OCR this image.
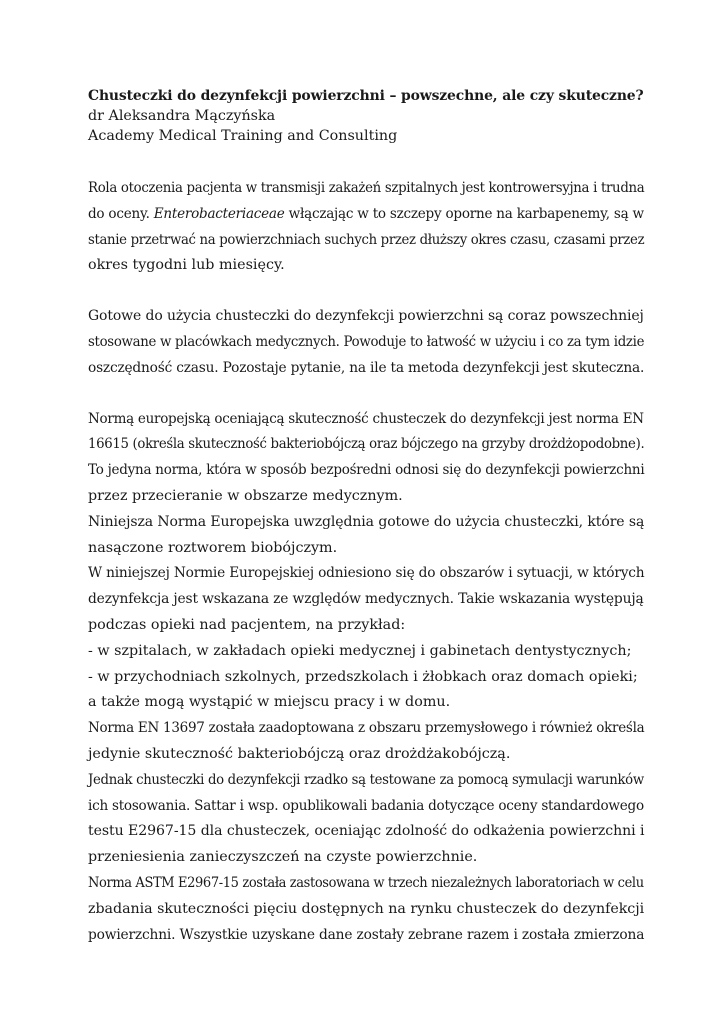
Chusteczki do dezynfekcji powierzchni – powszechne, ale czy skuteczne?

dr Aleksandra Mączyńska

Academy Medical Training and Consulting

Rola otoczenia pacjenta w transmisji zakażeń szpitalnych jest kontrowersyjna i trudna
do oceny. Enterobacteriaceae włączając w to szczepy oporne na karbapenemy, są w
stanie przetrwać na powierzchniach suchych przez dłuższy okres czasu, czasami przez
okres tygodni lub miesięcy.

Gotowe do użycia chusteczki do dezynfekcji powierzchni są coraz powszechniej
stosowane w placówkach medycznych. Powoduje to łatwość w użyciu i co za tym idzie
oszczędność czasu. Pozostaje pytanie, na ile ta metoda dezynfekcji jest skuteczna.

Normą europejską oceniającą skuteczność chusteczek do dezynfekcji jest norma EN
16615 (określa skuteczność bakteriobójczą oraz bójczego na grzyby drożdżopodobne).
To jedyna norma, która w sposób bezpośredni odnosi się do dezynfekcji powierzchni
przez przecieranie w obszarze medycznym.
Niniejsza Norma Europejska uwzględnia gotowe do użycia chusteczki, które są
nasączone roztworem biobójczym.
W niniejszej Normie Europejskiej odniesiono się do obszarów i sytuacji, w których
dezynfekcja jest wskazana ze względów medycznych. Takie wskazania występują
podczas opieki nad pacjentem, na przykład:
- w szpitalach, w zakładach opieki medycznej i gabinetach dentystycznych;
- w przychodniach szkolnych, przedszkolach i żłobkach oraz domach opieki;
a także mogą wystąpić w miejscu pracy i w domu.
Norma EN 13697 została zaadoptowana z obszaru przemysłowego i również określa
jedynie skuteczność bakteriobójczą oraz drożdżakobójczą.
Jednak chusteczki do dezynfekcji rzadko są testowane za pomocą symulacji warunków
ich stosowania. Sattar i wsp. opublikowali badania dotyczące oceny standardowego
testu E2967-15 dla chusteczek, oceniając zdolność do odkażenia powierzchni i
przeniesienia zanieczyszczeń na czyste powierzchnie.
Norma ASTM E2967-15 została zastosowana w trzech niezależnych laboratoriach w celu
zbadania skuteczności pięciu dostępnych na rynku chusteczek do dezynfekcji
powierzchni. Wszystkie uzyskane dane zostały zebrane razem i została zmierzona
